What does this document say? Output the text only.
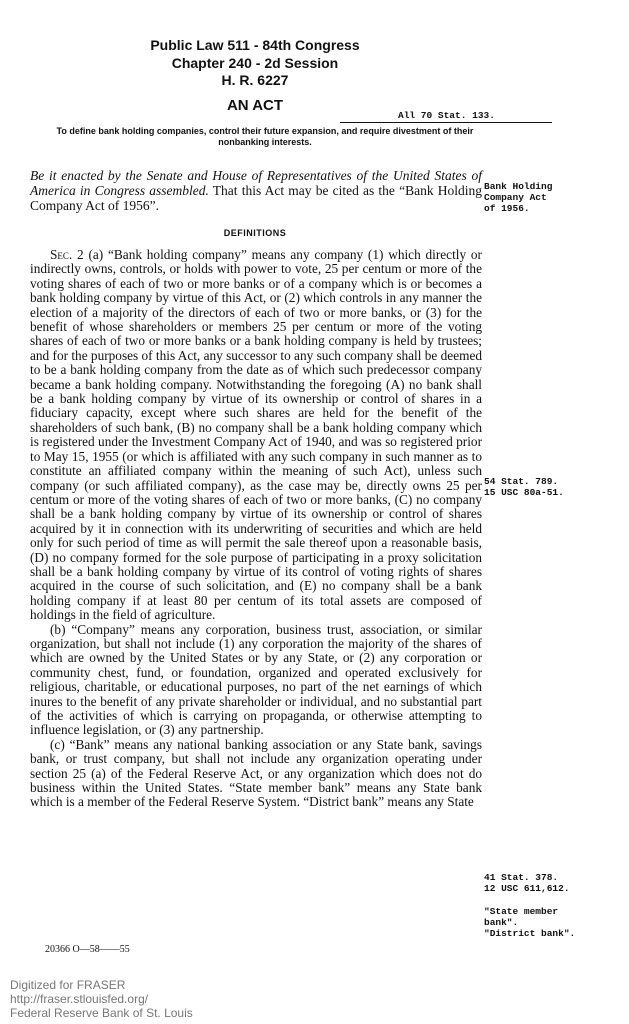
Public Law 511 - 84th Congress
Chapter 240 - 2d Session
H. R. 6227
AN ACT
All 70 Stat. 133.
To define bank holding companies, control their future expansion, and require divestment of their nonbanking interests.
Be it enacted by the Senate and House of Representatives of the United States of America in Congress assembled. That this Act may be cited as the “Bank Holding Company Act of 1956”.
DEFINITIONS

Sec. 2 (a) “Bank holding company” means any company (1) which directly or indirectly owns, controls, or holds with power to vote, 25 per centum or more of the voting shares of each of two or more banks or of a company which is or becomes a bank holding company by virtue of this Act, or (2) which controls in any manner the election of a majority of the directors of each of two or more banks, or (3) for the benefit of whose shareholders or members 25 per centum or more of the voting shares of each of two or more banks or a bank holding company is held by trustees; and for the purposes of this Act, any successor to any such company shall be deemed to be a bank holding company from the date as of which such predecessor company became a bank holding company. Notwithstanding the foregoing (A) no bank shall be a bank holding company by virtue of its ownership or control of shares in a fiduciary capacity, except where such shares are held for the benefit of the shareholders of such bank, (B) no company shall be a bank holding company which is registered under the Investment Company Act of 1940, and was so registered prior to May 15, 1955 (or which is affiliated with any such company in such manner as to constitute an affiliated company within the meaning of such Act), unless such company (or such affiliated company), as the case may be, directly owns 25 per centum or more of the voting shares of each of two or more banks, (C) no company shall be a bank holding company by virtue of its ownership or control of shares acquired by it in connection with its underwriting of securities and which are held only for such period of time as will permit the sale thereof upon a reasonable basis, (D) no company formed for the sole purpose of participating in a proxy solicitation shall be a bank holding company by virtue of its control of voting rights of shares acquired in the course of such solicitation, and (E) no company shall be a bank holding company if at least 80 per centum of its total assets are composed of holdings in the field of agriculture.

(b) “Company” means any corporation, business trust, association, or similar organization, but shall not include (1) any corporation the majority of the shares of which are owned by the United States or by any State, or (2) any corporation or community chest, fund, or foundation, organized and operated exclusively for religious, charitable, or educational purposes, no part of the net earnings of which inures to the benefit of any private shareholder or individual, and no substantial part of the activities of which is carrying on propaganda, or otherwise attempting to influence legislation, or (3) any partnership.

(c) “Bank” means any national banking association or any State bank, savings bank, or trust company, but shall not include any organization operating under section 25 (a) of the Federal Reserve Act, or any organization which does not do business within the United States. “State member bank” means any State bank which is a member of the Federal Reserve System. “District bank” means any State

Bank Holding
Company Act
of 1956.
54 Stat. 789.
15 USC 80a-51.
41 Stat. 378.
12 USC 611,612.
"State member
bank".
"District bank".
20366 O—58——55
Digitized for FRASER
http://fraser.stlouisfed.org/
Federal Reserve Bank of St. Louis
